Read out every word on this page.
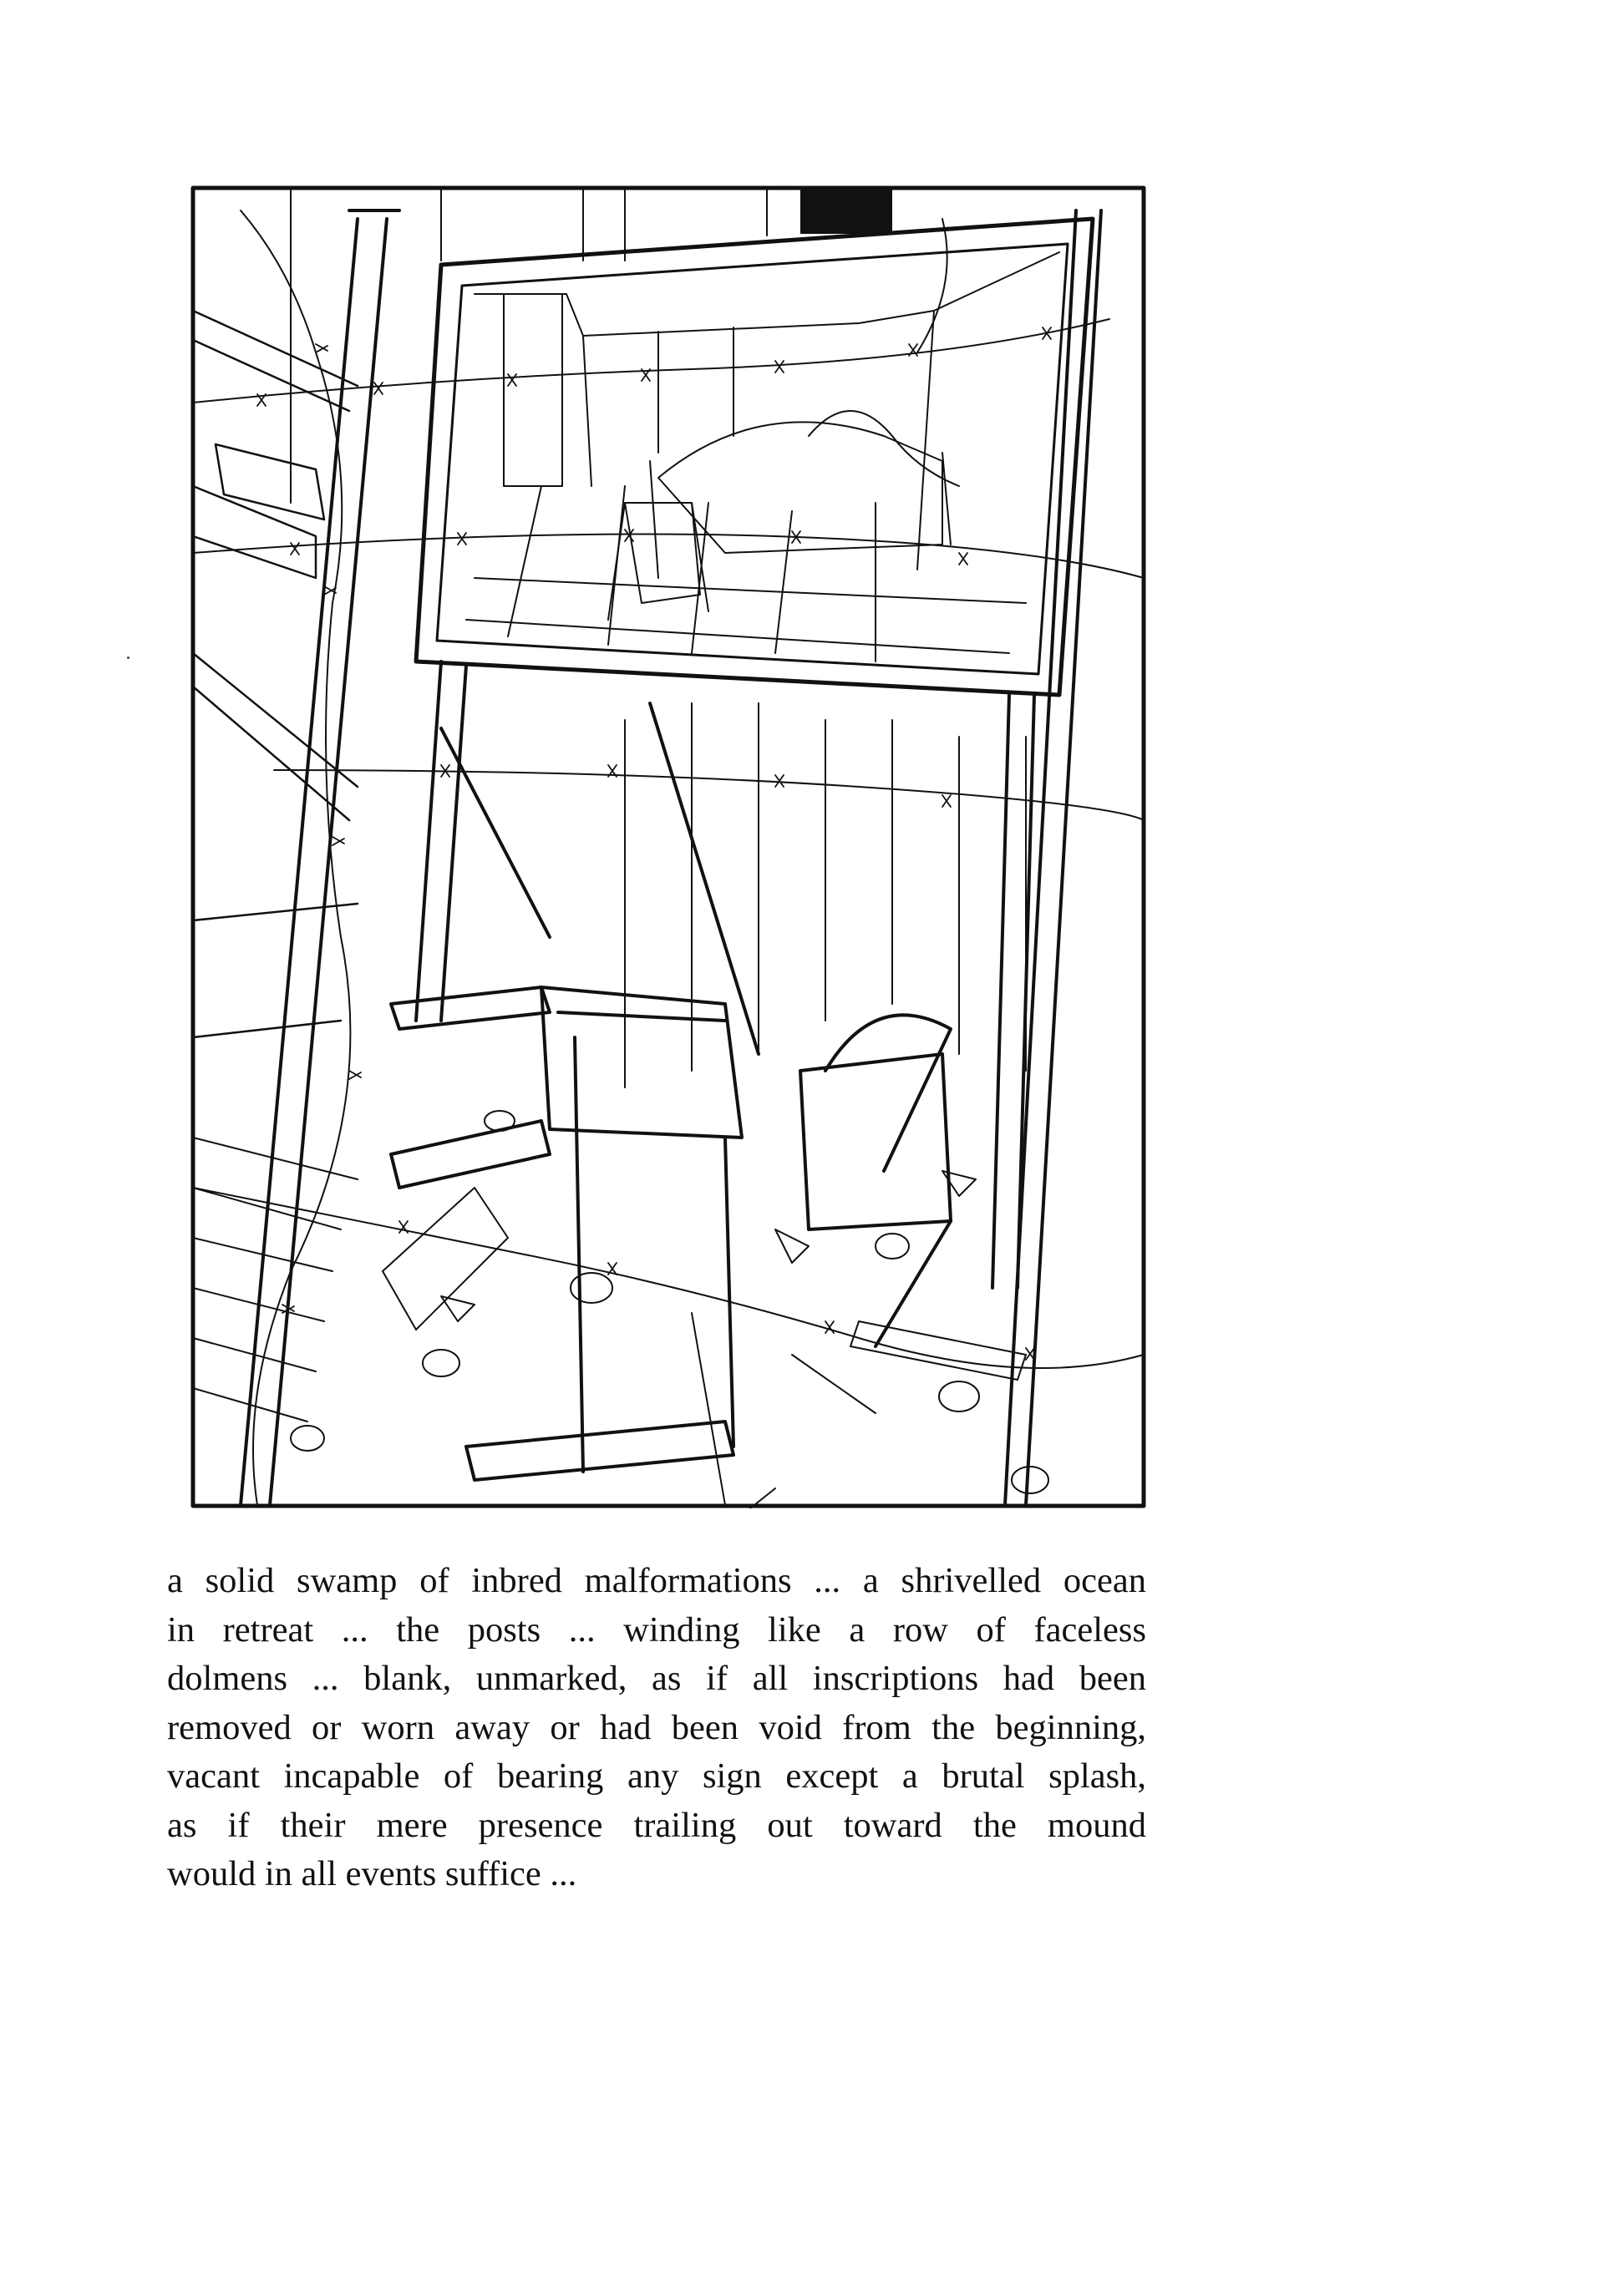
a solid swamp of inbred malformations ... a shrivelled ocean
in retreat ... the posts ... winding like a row of faceless
dolmens ... blank, unmarked, as if all inscriptions had been
removed or worn away or had been void from the beginning,
vacant incapable of bearing any sign except a brutal splash,
as if their mere presence trailing out toward the mound
would in all events suffice ...
